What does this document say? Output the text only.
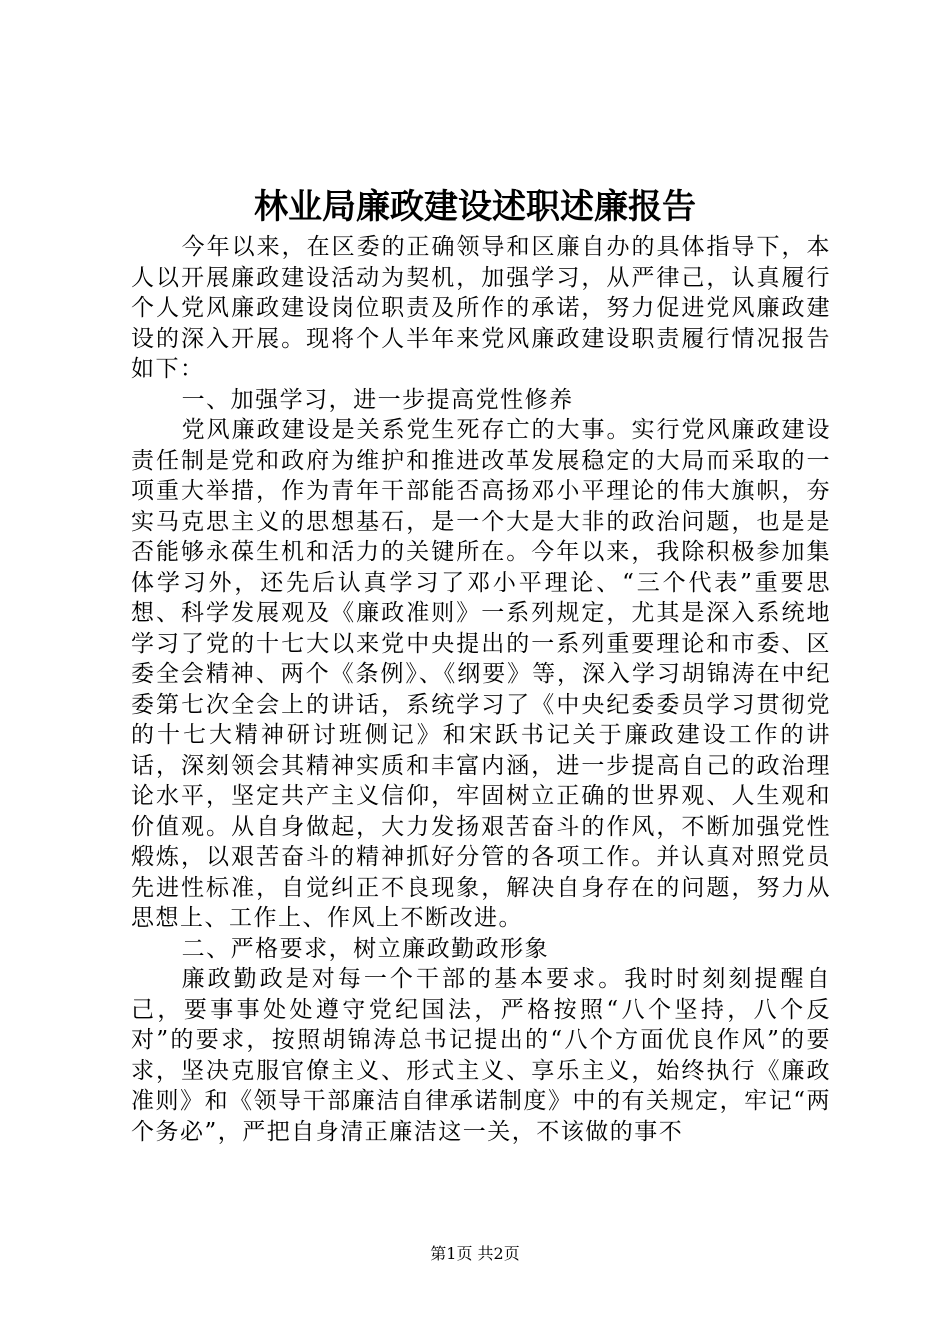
林业局廉政建设述职述廉报告

今年以来，在区委的正确领导和区廉自办的具体指导下，本人以开展廉政建设活动为契机，加强学习，从严律己，认真履行个人党风廉政建设岗位职责及所作的承诺，努力促进党风廉政建设的深入开展。现将个人半年来党风廉政建设职责履行情况报告如下：

一、加强学习，进一步提高党性修养

党风廉政建设是关系党生死存亡的大事。实行党风廉政建设责任制是党和政府为维护和推进改革发展稳定的大局而采取的一项重大举措，作为青年干部能否高扬邓小平理论的伟大旗帜，夯实马克思主义的思想基石，是一个大是大非的政治问题，也是是否能够永葆生机和活力的关键所在。今年以来，我除积极参加集体学习外，还先后认真学习了邓小平理论、“三个代表”重要思想、科学发展观及《廉政准则》一系列规定，尤其是深入系统地学习了党的十七大以来党中央提出的一系列重要理论和市委、区委全会精神、两个《条例》、《纲要》等，深入学习胡锦涛在中纪委第七次全会上的讲话，系统学习了《中央纪委委员学习贯彻党的十七大精神研讨班侧记》和宋跃书记关于廉政建设工作的讲话，深刻领会其精神实质和丰富内涵，进一步提高自己的政治理论水平，坚定共产主义信仰，牢固树立正确的世界观、人生观和价值观。从自身做起，大力发扬艰苦奋斗的作风，不断加强党性煅炼，以艰苦奋斗的精神抓好分管的各项工作。并认真对照党员先进性标准，自觉纠正不良现象，解决自身存在的问题，努力从思想上、工作上、作风上不断改进。

二、严格要求，树立廉政勤政形象

廉政勤政是对每一个干部的基本要求。我时时刻刻提醒自己，要事事处处遵守党纪国法，严格按照“八个坚持，八个反对”的要求，按照胡锦涛总书记提出的“八个方面优良作风”的要求，坚决克服官僚主义、形式主义、享乐主义，始终执行《廉政准则》和《领导干部廉洁自律承诺制度》中的有关规定，牢记“两个务必”，严把自身清正廉洁这一关，不该做的事不

第1页 共2页
